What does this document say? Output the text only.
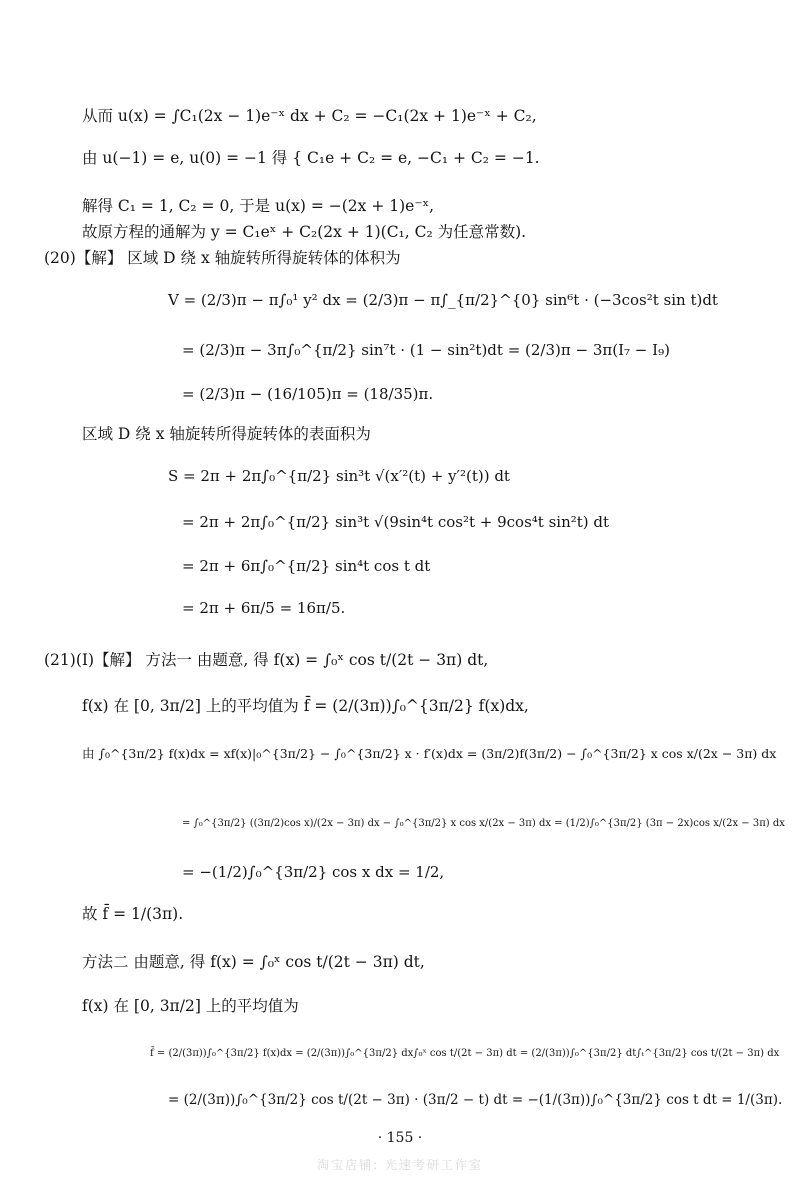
从而 u(x) = ∫C₁(2x − 1)e⁻ˣ dx + C₂ = −C₁(2x + 1)e⁻ˣ + C₂,
由 u(−1) = e, u(0) = −1 得 { C₁e + C₂ = e, −C₁ + C₂ = −1.
解得 C₁ = 1, C₂ = 0, 于是 u(x) = −(2x + 1)e⁻ˣ,
故原方程的通解为 y = C₁eˣ + C₂(2x + 1)(C₁, C₂ 为任意常数).
(20)【解】 区域 D 绕 x 轴旋转所得旋转体的体积为
V = (2/3)π − π∫₀¹ y² dx = (2/3)π − π∫_{π/2}^{0} sin⁶t · (−3cos²t sin t)dt
= (2/3)π − 3π∫₀^{π/2} sin⁷t · (1 − sin²t)dt = (2/3)π − 3π(I₇ − I₉)
= (2/3)π − (16/105)π = (18/35)π.
区域 D 绕 x 轴旋转所得旋转体的表面积为
S = 2π + 2π∫₀^{π/2} sin³t √(x′²(t) + y′²(t)) dt
= 2π + 2π∫₀^{π/2} sin³t √(9sin⁴t cos²t + 9cos⁴t sin²t) dt
= 2π + 6π∫₀^{π/2} sin⁴t cos t dt
= 2π + 6π/5 = 16π/5.
(21)(Ⅰ)【解】 方法一 由题意, 得 f(x) = ∫₀ˣ cos t/(2t − 3π) dt,
f(x) 在 [0, 3π/2] 上的平均值为 f̄ = (2/(3π))∫₀^{3π/2} f(x)dx,
由 ∫₀^{3π/2} f(x)dx = xf(x)|₀^{3π/2} − ∫₀^{3π/2} x · f′(x)dx = (3π/2)f(3π/2) − ∫₀^{3π/2} x cos x/(2x − 3π) dx
= ∫₀^{3π/2} ((3π/2)cos x)/(2x − 3π) dx − ∫₀^{3π/2} x cos x/(2x − 3π) dx = (1/2)∫₀^{3π/2} (3π − 2x)cos x/(2x − 3π) dx
= −(1/2)∫₀^{3π/2} cos x dx = 1/2,
故 f̄ = 1/(3π).
方法二 由题意, 得 f(x) = ∫₀ˣ cos t/(2t − 3π) dt,
f(x) 在 [0, 3π/2] 上的平均值为
f̄ = (2/(3π))∫₀^{3π/2} f(x)dx = (2/(3π))∫₀^{3π/2} dx∫₀ˣ cos t/(2t − 3π) dt = (2/(3π))∫₀^{3π/2} dt∫ₜ^{3π/2} cos t/(2t − 3π) dx
= (2/(3π))∫₀^{3π/2} cos t/(2t − 3π) · (3π/2 − t) dt = −(1/(3π))∫₀^{3π/2} cos t dt = 1/(3π).
· 155 ·
淘宝店铺: 光速考研工作室
